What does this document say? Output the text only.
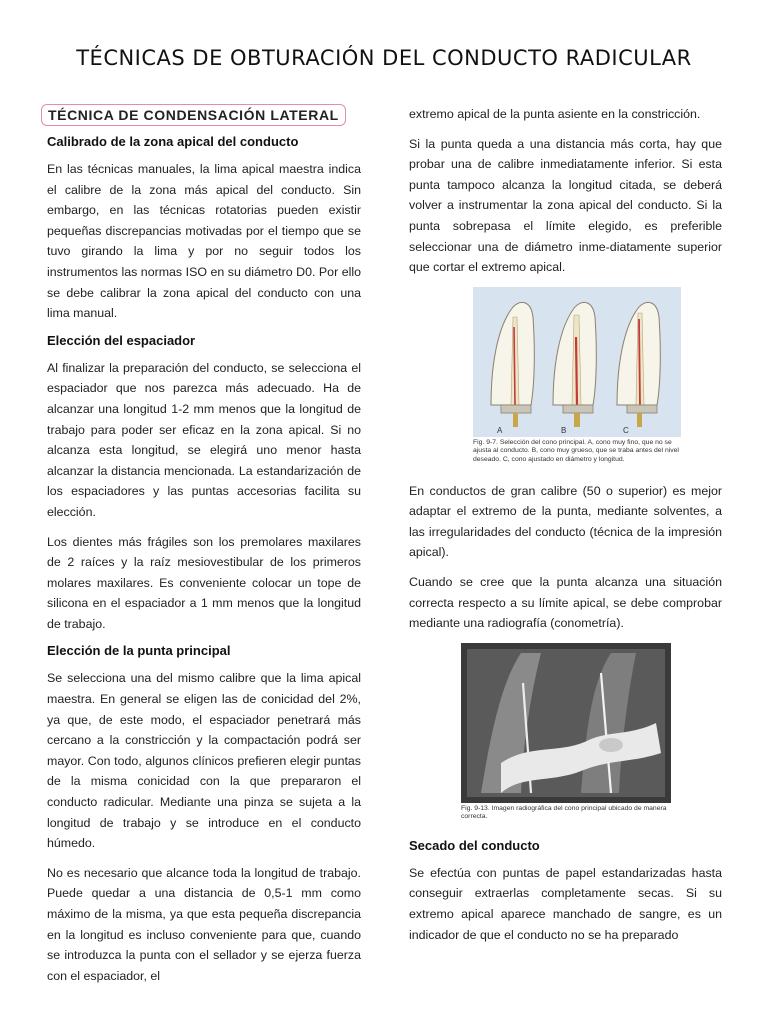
TÉCNICAS DE OBTURACIÓN DEL CONDUCTO RADICULAR
TÉCNICA DE CONDENSACIÓN LATERAL
Calibrado de la zona apical del conducto

En las técnicas manuales, la lima apical maestra indica el calibre de la zona más apical del conducto. Sin embargo, en las técnicas rotatorias pueden existir pequeñas discrepancias motivadas por el tiempo que se tuvo girando la lima y por no seguir todos los instrumentos las normas ISO en su diámetro D0. Por ello se debe calibrar la zona apical del conducto con una lima manual.

Elección del espaciador

Al finalizar la preparación del conducto, se selecciona el espaciador que nos parezca más adecuado. Ha de alcanzar una longitud 1-2 mm menos que la longitud de trabajo para poder ser eficaz en la zona apical. Si no alcanza esta longitud, se elegirá uno menor hasta alcanzar la distancia mencionada. La estandarización de los espaciadores y las puntas accesorias facilita su elección.

Los dientes más frágiles son los premolares maxilares de 2 raíces y la raíz mesiovestibular de los primeros molares maxilares. Es conveniente colocar un tope de silicona en el espaciador a 1 mm menos que la longitud de trabajo.

Elección de la punta principal

Se selecciona una del mismo calibre que la lima apical maestra. En general se eligen las de conicidad del 2%, ya que, de este modo, el espaciador penetrará más cercano a la constricción y la compactación podrá ser mayor. Con todo, algunos clínicos prefieren elegir puntas de la misma conicidad con la que prepararon el conducto radicular. Mediante una pinza se sujeta a la longitud de trabajo y se introduce en el conducto húmedo.

No es necesario que alcance toda la longitud de trabajo. Puede quedar a una distancia de 0,5-1 mm como máximo de la misma, ya que esta pequeña discrepancia en la longitud es incluso conveniente para que, cuando se introduzca la punta con el sellador y se ejerza fuerza con el espaciador, el

extremo apical de la punta asiente en la constricción.

Si la punta queda a una distancia más corta, hay que probar una de calibre inmediatamente inferior. Si esta punta tampoco alcanza la longitud citada, se deberá volver a instrumentar la zona apical del conducto. Si la punta sobrepasa el límite elegido, es preferible seleccionar una de diámetro inme-diatamente superior que cortar el extremo apical.

A	B	C
Fig. 9-7. Selección del cono principal. A, cono muy fino, que no se ajusta al conducto. B, cono muy grueso, que se traba antes del nivel deseado. C, cono ajustado en diámetro y longitud.

En conductos de gran calibre (50 o superior) es mejor adaptar el extremo de la punta, mediante solventes, a las irregularidades del conducto (técnica de la impresión apical).

Cuando se cree que la punta alcanza una situación correcta respecto a su límite apical, se debe comprobar mediante una radiografía (conometría).

Fig. 9-13. Imagen radiográfica del cono principal ubicado de manera correcta.
Secado del conducto

Se efectúa con puntas de papel estandarizadas hasta conseguir extraerlas completamente secas. Si su extremo apical aparece manchado de sangre, es un indicador de que el conducto no se ha preparado
